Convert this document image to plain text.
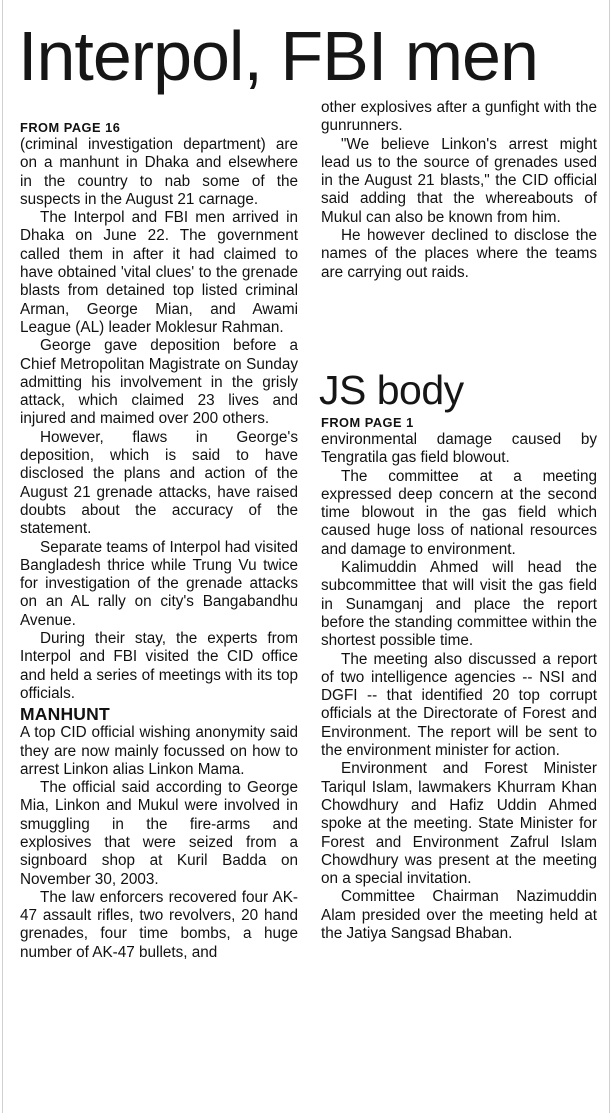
Interpol, FBI men

FROM PAGE 16

(criminal investigation department) are on a manhunt in Dhaka and elsewhere in the country to nab some of the suspects in the August 21 carnage.

The Interpol and FBI men arrived in Dhaka on June 22. The government called them in after it had claimed to have obtained 'vital clues' to the grenade blasts from detained top listed criminal Arman, George Mian, and Awami League (AL) leader Moklesur Rahman.

George gave deposition before a Chief Metropolitan Magistrate on Sunday admitting his involvement in the grisly attack, which claimed 23 lives and injured and maimed over 200 others.

However, flaws in George's deposition, which is said to have disclosed the plans and action of the August 21 grenade attacks, have raised doubts about the accuracy of the statement.

Separate teams of Interpol had visited Bangladesh thrice while Trung Vu twice for investigation of the grenade attacks on an AL rally on city's Bangabandhu Avenue.

During their stay, the experts from Interpol and FBI visited the CID office and held a series of meetings with its top officials.

MANHUNT

A top CID official wishing anonymity said they are now mainly focussed on how to arrest Linkon alias Linkon Mama.

The official said according to George Mia, Linkon and Mukul were involved in smuggling in the fire-arms and explosives that were seized from a signboard shop at Kuril Badda on November 30, 2003.

The law enforcers recovered four AK-47 assault rifles, two revolvers, 20 hand grenades, four time bombs, a huge number of AK-47 bullets, and

other explosives after a gunfight with the gunrunners.

"We believe Linkon's arrest might lead us to the source of grenades used in the August 21 blasts," the CID official said adding that the whereabouts of Mukul can also be known from him.

He however declined to disclose the names of the places where the teams are carrying out raids.

JS body

FROM PAGE 1

environmental damage caused by Tengratila gas field blowout.

The committee at a meeting expressed deep concern at the second time blowout in the gas field which caused huge loss of national resources and damage to environment.

Kalimuddin Ahmed will head the subcommittee that will visit the gas field in Sunamganj and place the report before the standing committee within the shortest possible time.

The meeting also discussed a report of two intelligence agencies -- NSI and DGFI -- that identified 20 top corrupt officials at the Directorate of Forest and Environment. The report will be sent to the environment minister for action.

Environment and Forest Minister Tariqul Islam, lawmakers Khurram Khan Chowdhury and Hafiz Uddin Ahmed spoke at the meeting. State Minister for Forest and Environment Zafrul Islam Chowdhury was present at the meeting on a special invitation.

Committee Chairman Nazimuddin Alam presided over the meeting held at the Jatiya Sangsad Bhaban.
